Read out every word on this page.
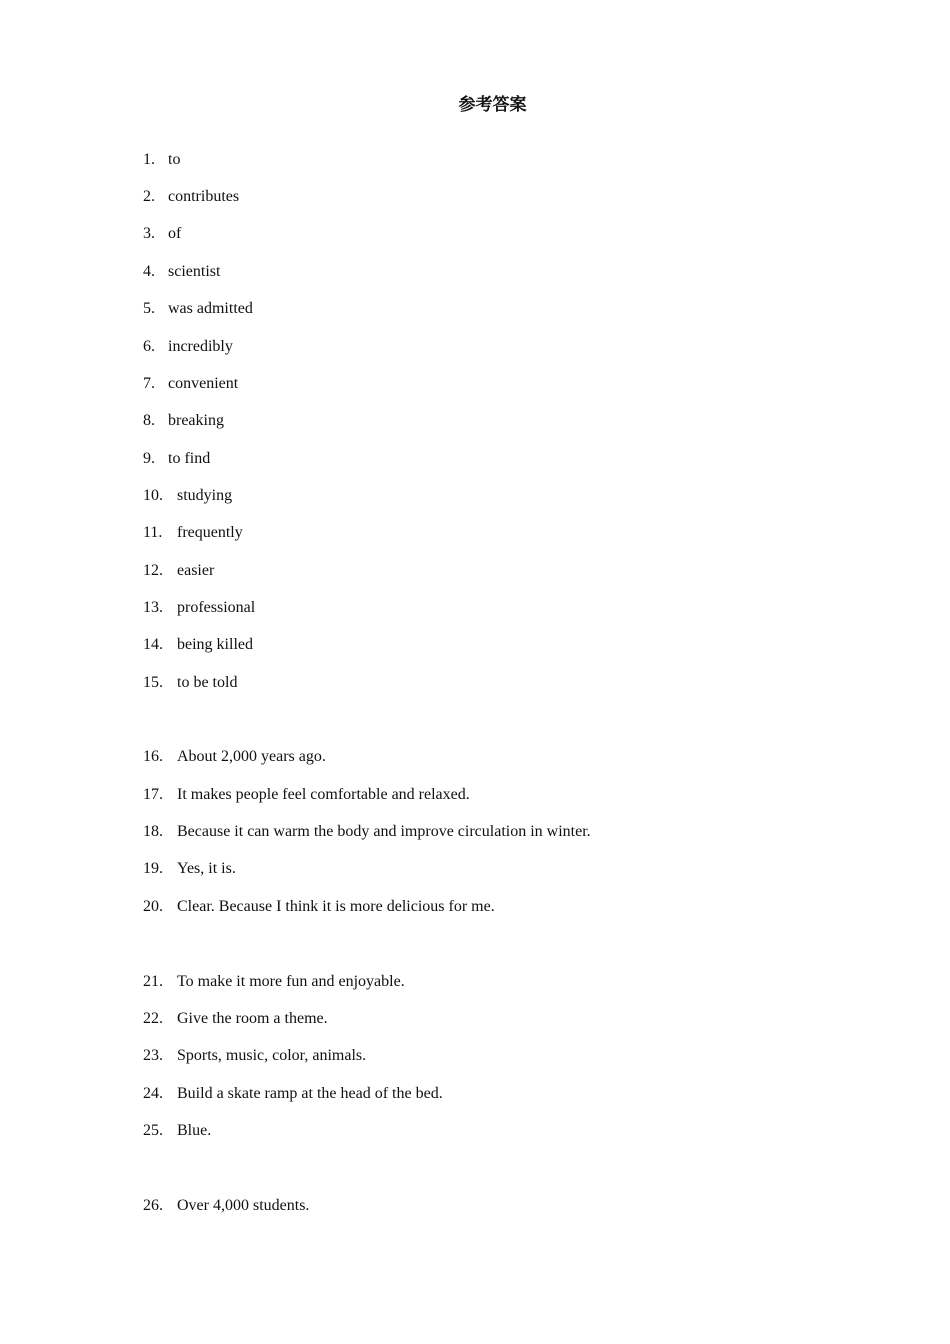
参考答案
1. to
2. contributes
3. of
4. scientist
5. was admitted
6. incredibly
7. convenient
8. breaking
9. to find
10. studying
11. frequently
12. easier
13. professional
14. being killed
15. to be told
16. About 2,000 years ago.
17. It makes people feel comfortable and relaxed.
18. Because it can warm the body and improve circulation in winter.
19. Yes, it is.
20. Clear. Because I think it is more delicious for me.
21. To make it more fun and enjoyable.
22. Give the room a theme.
23. Sports, music, color, animals.
24. Build a skate ramp at the head of the bed.
25. Blue.
26. Over 4,000 students.
